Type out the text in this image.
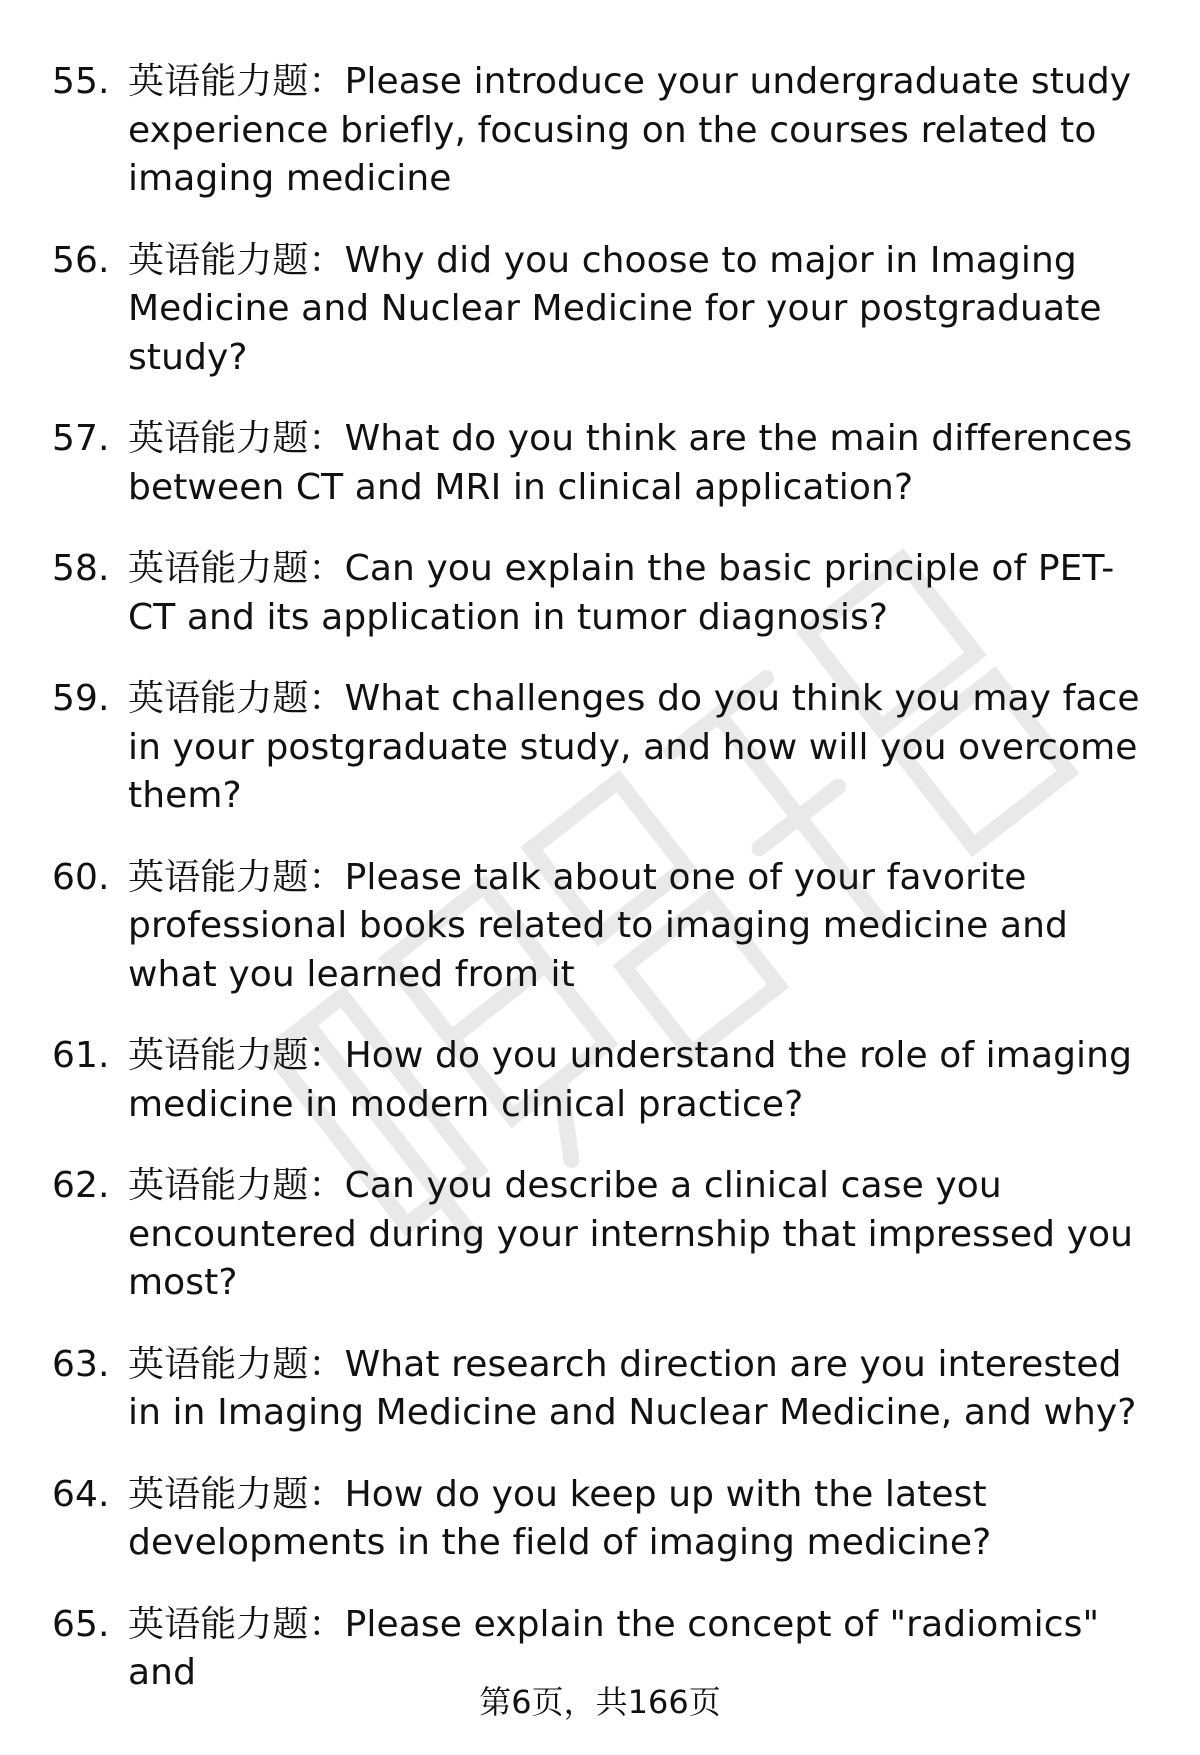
55. 英语能力题：Please introduce your undergraduate study experience briefly, focusing on the courses related to imaging medicine
56. 英语能力题：Why did you choose to major in Imaging Medicine and Nuclear Medicine for your postgraduate study?
57. 英语能力题：What do you think are the main differences between CT and MRI in clinical application?
58. 英语能力题：Can you explain the basic principle of PET-CT and its application in tumor diagnosis?
59. 英语能力题：What challenges do you think you may face in your postgraduate study, and how will you overcome them?
60. 英语能力题：Please talk about one of your favorite professional books related to imaging medicine and what you learned from it
61. 英语能力题：How do you understand the role of imaging medicine in modern clinical practice?
62. 英语能力题：Can you describe a clinical case you encountered during your internship that impressed you most?
63. 英语能力题：What research direction are you interested in in Imaging Medicine and Nuclear Medicine, and why?
64. 英语能力题：How do you keep up with the latest developments in the field of imaging medicine?
65. 英语能力题：Please explain the concept of "radiomics" and
第6页，共166页
